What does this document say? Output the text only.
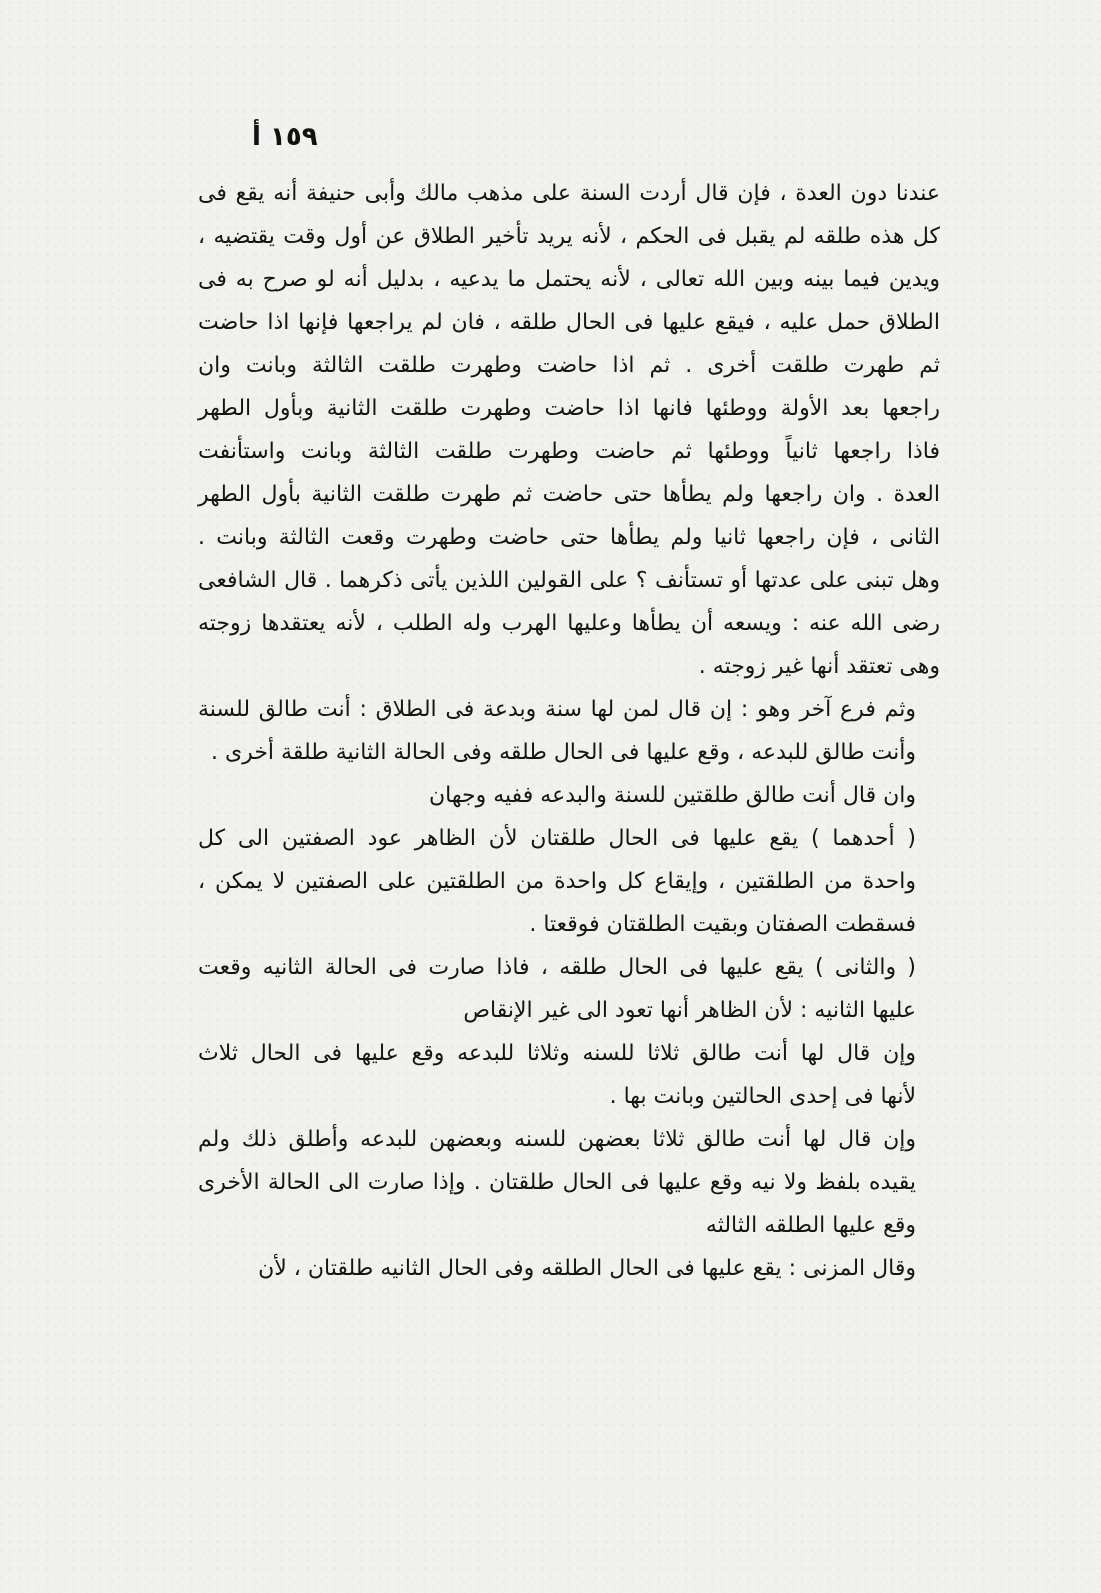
١٥٩ أ
عندنا دون العدة ، فإن قال أردت السنة على مذهب مالك وأبى حنيفة أنه يقع فى
كل هذه طلقه لم يقبل فى الحكم ، لأنه يريد تأخير الطلاق عن أول وقت يقتضيه ،
ويدين فيما بينه وبين الله تعالى ، لأنه يحتمل ما يدعيه ، بدليل أنه لو صرح به فى
الطلاق حمل عليه ، فيقع عليها فى الحال طلقه ، فان لم يراجعها فإنها اذا حاضت
ثم طهرت طلقت أخرى . ثم اذا حاضت وطهرت طلقت الثالثة وبانت وان
راجعها بعد الأولة ووطئها فانها اذا حاضت وطهرت طلقت الثانية وبأول الطهر
فاذا راجعها ثانياً ووطئها ثم حاضت وطهرت طلقت الثالثة وبانت واستأنفت
العدة . وان راجعها ولم يطأها حتى حاضت ثم طهرت طلقت الثانية بأول الطهر
الثانى ، فإن راجعها ثانيا ولم يطأها حتى حاضت وطهرت وقعت الثالثة وبانت .
وهل تبنى على عدتها أو تستأنف ؟ على القولين اللذين يأتى ذكرهما . قال الشافعى
رضى الله عنه : ويسعه أن يطأها وعليها الهرب وله الطلب ، لأنه يعتقدها زوجته
وهى تعتقد أنها غير زوجته .
وثم فرع آخر وهو : إن قال لمن لها سنة وبدعة فى الطلاق : أنت طالق للسنة
وأنت طالق للبدعه ، وقع عليها فى الحال طلقه وفى الحالة الثانية طلقة أخرى .
وان قال أنت طالق طلقتين للسنة والبدعه ففيه وجهان
( أحدهما ) يقع عليها فى الحال طلقتان لأن الظاهر عود الصفتين الى كل
واحدة من الطلقتين ، وإيقاع كل واحدة من الطلقتين على الصفتين لا يمكن ،
فسقطت الصفتان وبقيت الطلقتان فوقعتا .
( والثانى ) يقع عليها فى الحال طلقه ، فاذا صارت فى الحالة الثانيه وقعت
عليها الثانيه : لأن الظاهر أنها تعود الى غير الإنقاص
وإن قال لها أنت طالق ثلاثا للسنه وثلاثا للبدعه وقع عليها فى الحال ثلاث
لأنها فى إحدى الحالتين وبانت بها .
وإن قال لها أنت طالق ثلاثا بعضهن للسنه وبعضهن للبدعه وأطلق ذلك ولم
يقيده بلفظ ولا نيه وقع عليها فى الحال طلقتان . وإذا صارت الى الحالة الأخرى
وقع عليها الطلقه الثالثه
وقال المزنى : يقع عليها فى الحال الطلقه وفى الحال الثانيه طلقتان ، لأن
